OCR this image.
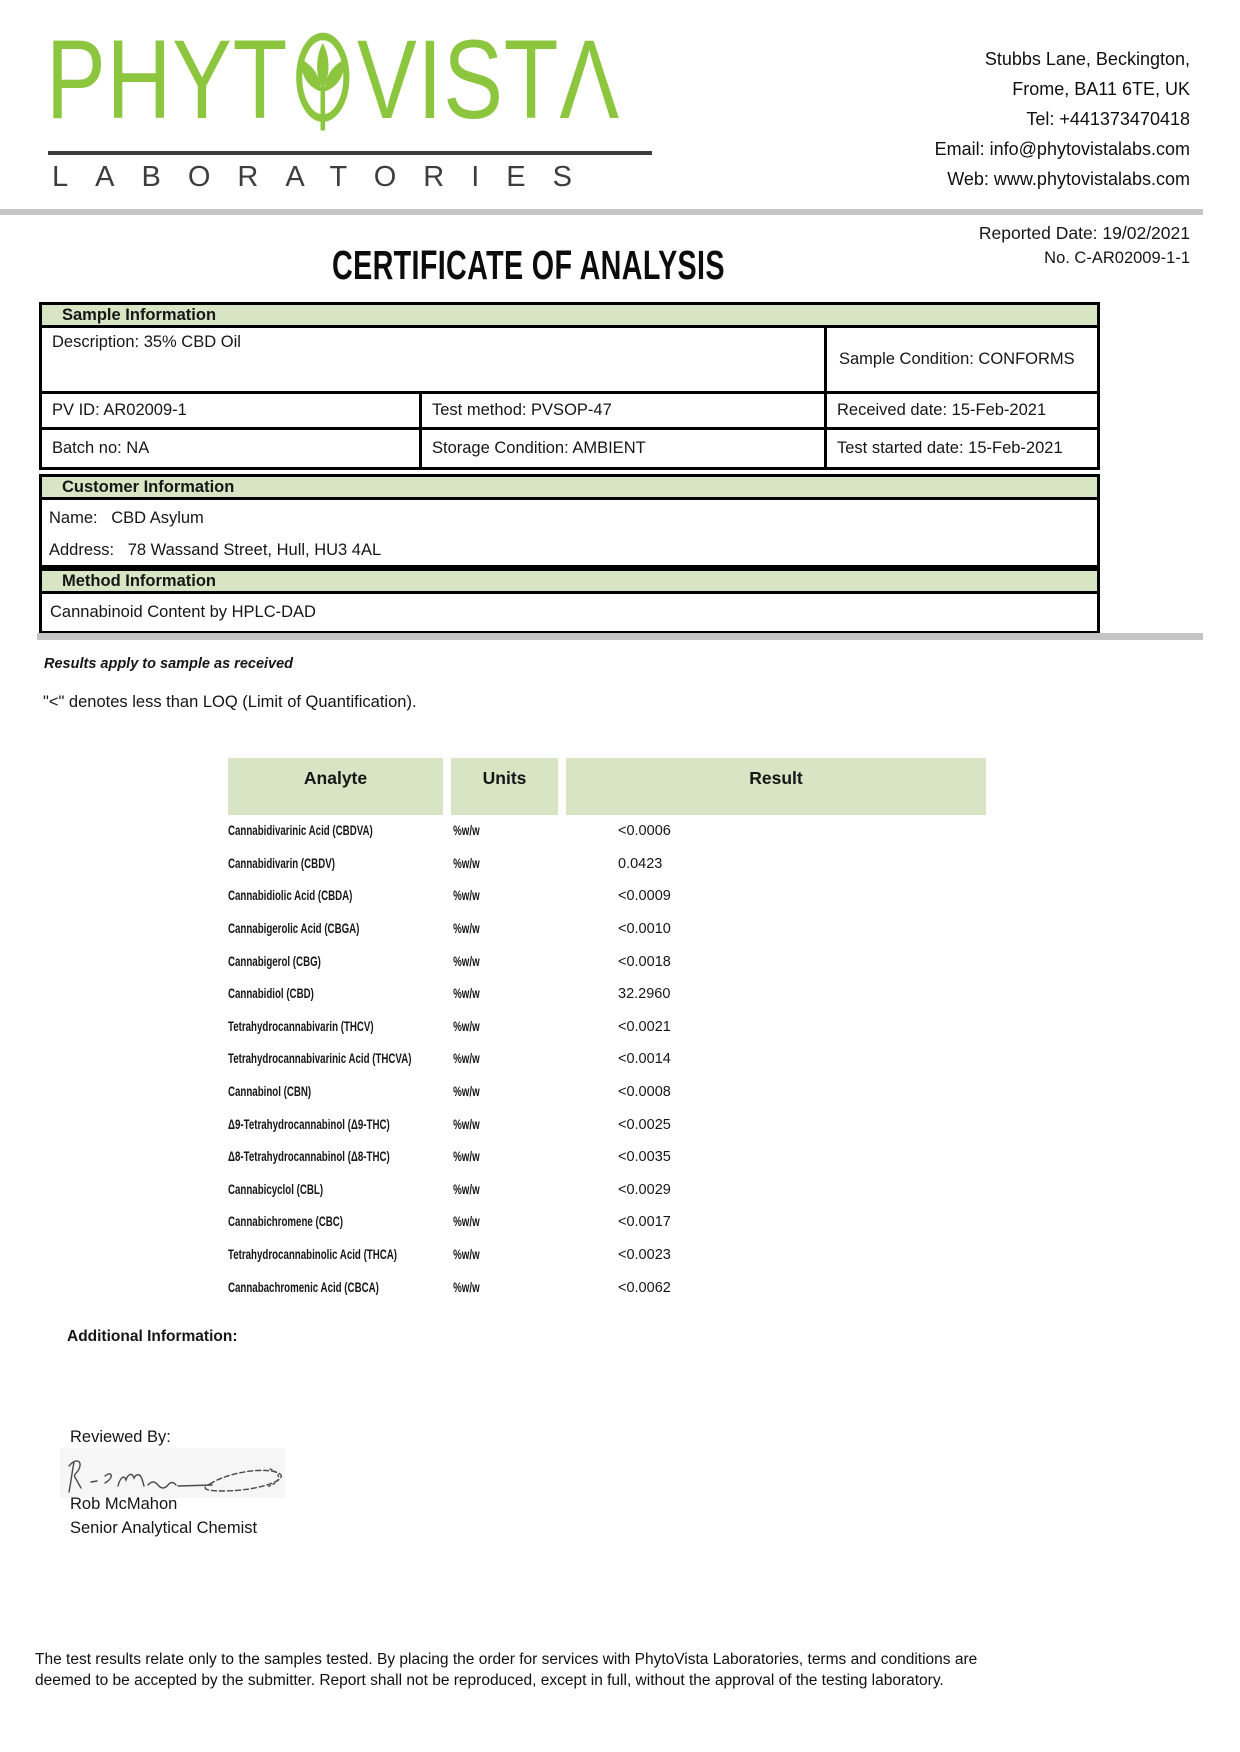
PHYT VIST Λ
LABORATORIES
Stubbs Lane, Beckington,
Frome, BA11 6TE, UK
Tel: +441373470418
Email: info@phytovistalabs.com
Web: www.phytovistalabs.com
Reported Date: 19/02/2021
No. C-AR02009-1-1
CERTIFICATE OF ANALYSIS
Sample Information
Description: 35% CBD Oil
Sample Condition: CONFORMS
PV ID: AR02009-1	Test method: PVSOP-47	Received date: 15-Feb-2021
Batch no: NA	Storage Condition: AMBIENT	Test started date: 15-Feb-2021
Customer Information
Name: CBD Asylum
Address: 78 Wassand Street, Hull, HU3 4AL
Method Information
Cannabinoid Content by HPLC-DAD
Results apply to sample as received
"<" denotes less than LOQ (Limit of Quantification).
Analyte	Units	Result
Cannabidivarinic Acid (CBDVA)	%w/w	<0.0006
Cannabidivarin (CBDV)	%w/w	0.0423
Cannabidiolic Acid (CBDA)	%w/w	<0.0009
Cannabigerolic Acid (CBGA)	%w/w	<0.0010
Cannabigerol (CBG)	%w/w	<0.0018
Cannabidiol (CBD)	%w/w	32.2960
Tetrahydrocannabivarin (THCV)	%w/w	<0.0021
Tetrahydrocannabivarinic Acid (THCVA)	%w/w	<0.0014
Cannabinol (CBN)	%w/w	<0.0008
Δ9-Tetrahydrocannabinol (Δ9-THC)	%w/w	<0.0025
Δ8-Tetrahydrocannabinol (Δ8-THC)	%w/w	<0.0035
Cannabicyclol (CBL)	%w/w	<0.0029
Cannabichromene (CBC)	%w/w	<0.0017
Tetrahydrocannabinolic Acid (THCA)	%w/w	<0.0023
Cannabachromenic Acid (CBCA)	%w/w	<0.0062
Additional Information:
Reviewed By:
Rob McMahon
Senior Analytical Chemist
The test results relate only to the samples tested. By placing the order for services with PhytoVista Laboratories, terms and conditions are
deemed to be accepted by the submitter. Report shall not be reproduced, except in full, without the approval of the testing laboratory.
